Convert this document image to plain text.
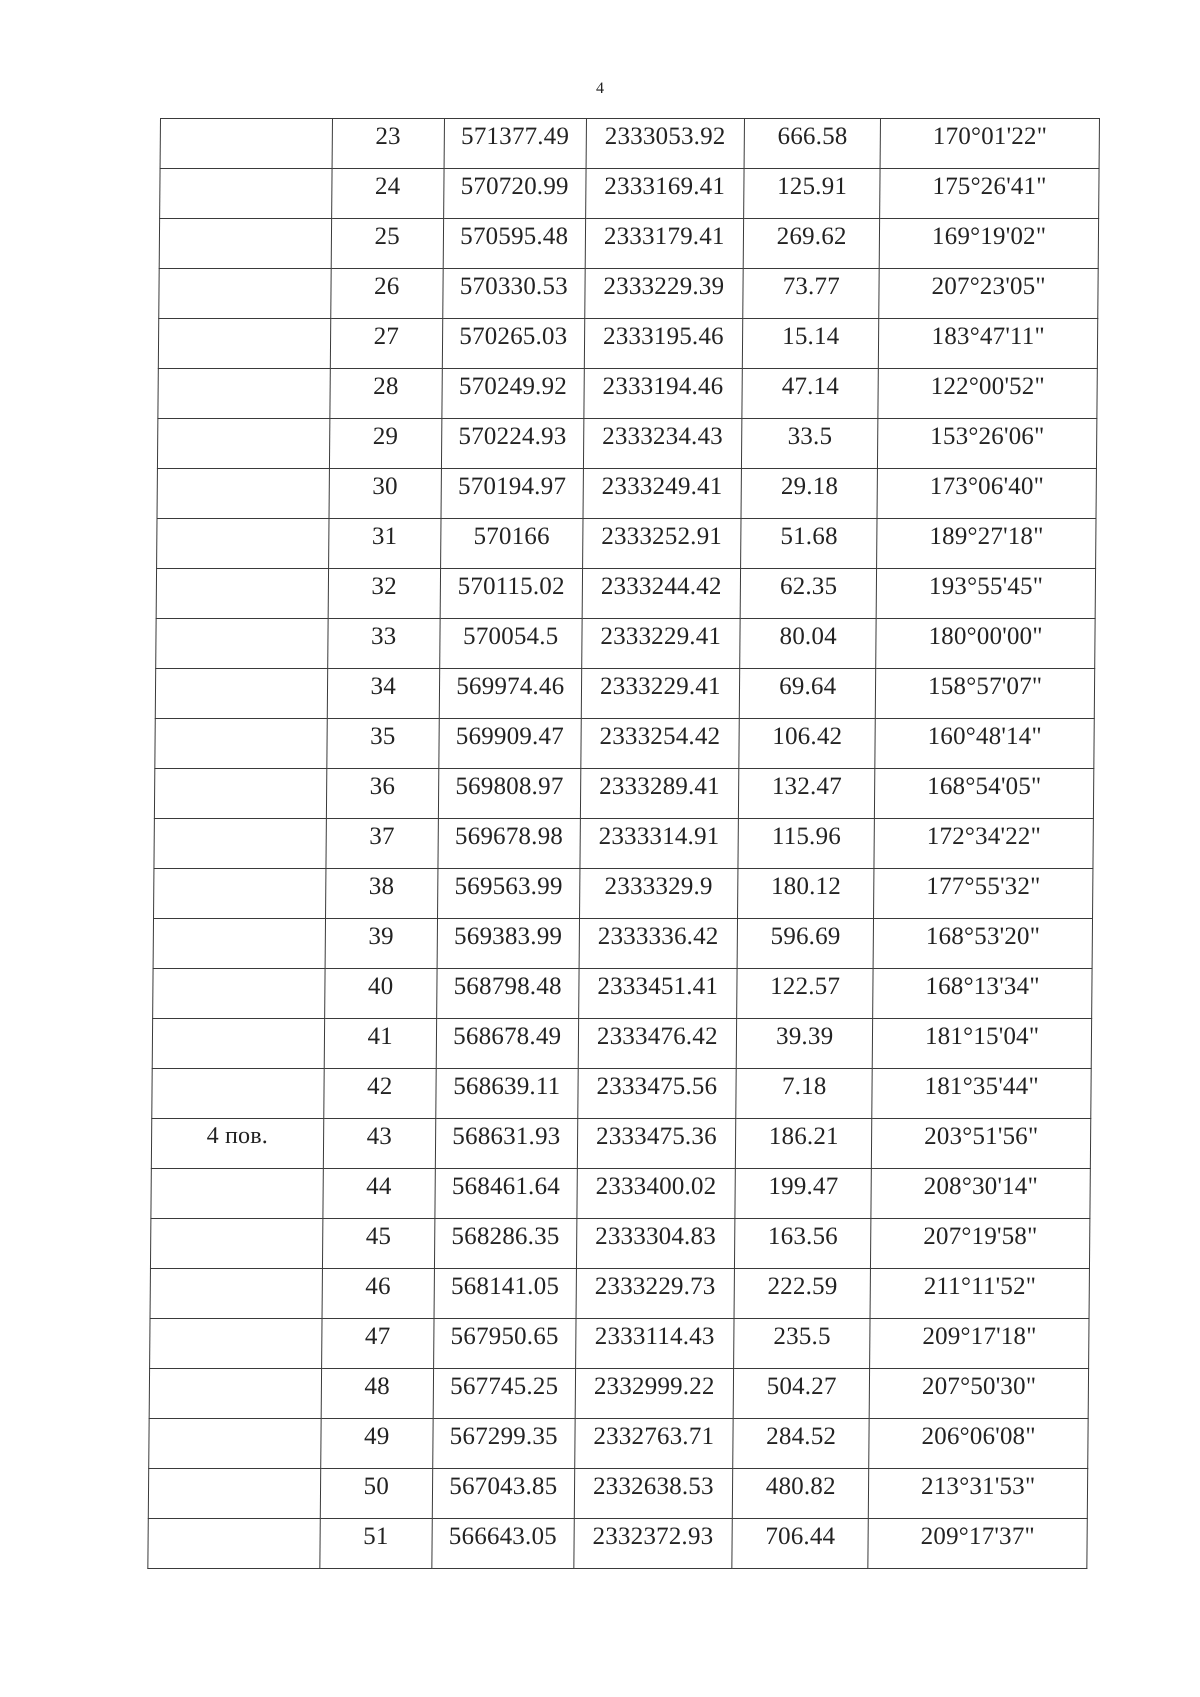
4

	23	571377.49	2333053.92	666.58	170°01'22"

	24	570720.99	2333169.41	125.91	175°26'41"

	25	570595.48	2333179.41	269.62	169°19'02"

	26	570330.53	2333229.39	73.77	207°23'05"

	27	570265.03	2333195.46	15.14	183°47'11"

	28	570249.92	2333194.46	47.14	122°00'52"

	29	570224.93	2333234.43	33.5	153°26'06"

	30	570194.97	2333249.41	29.18	173°06'40"

	31	570166	2333252.91	51.68	189°27'18"

	32	570115.02	2333244.42	62.35	193°55'45"

	33	570054.5	2333229.41	80.04	180°00'00"

	34	569974.46	2333229.41	69.64	158°57'07"

	35	569909.47	2333254.42	106.42	160°48'14"

	36	569808.97	2333289.41	132.47	168°54'05"

	37	569678.98	2333314.91	115.96	172°34'22"

	38	569563.99	2333329.9	180.12	177°55'32"

	39	569383.99	2333336.42	596.69	168°53'20"

	40	568798.48	2333451.41	122.57	168°13'34"

	41	568678.49	2333476.42	39.39	181°15'04"

	42	568639.11	2333475.56	7.18	181°35'44"

4 пов.	43	568631.93	2333475.36	186.21	203°51'56"

	44	568461.64	2333400.02	199.47	208°30'14"

	45	568286.35	2333304.83	163.56	207°19'58"

	46	568141.05	2333229.73	222.59	211°11'52"

	47	567950.65	2333114.43	235.5	209°17'18"

	48	567745.25	2332999.22	504.27	207°50'30"

	49	567299.35	2332763.71	284.52	206°06'08"

	50	567043.85	2332638.53	480.82	213°31'53"

	51	566643.05	2332372.93	706.44	209°17'37"
